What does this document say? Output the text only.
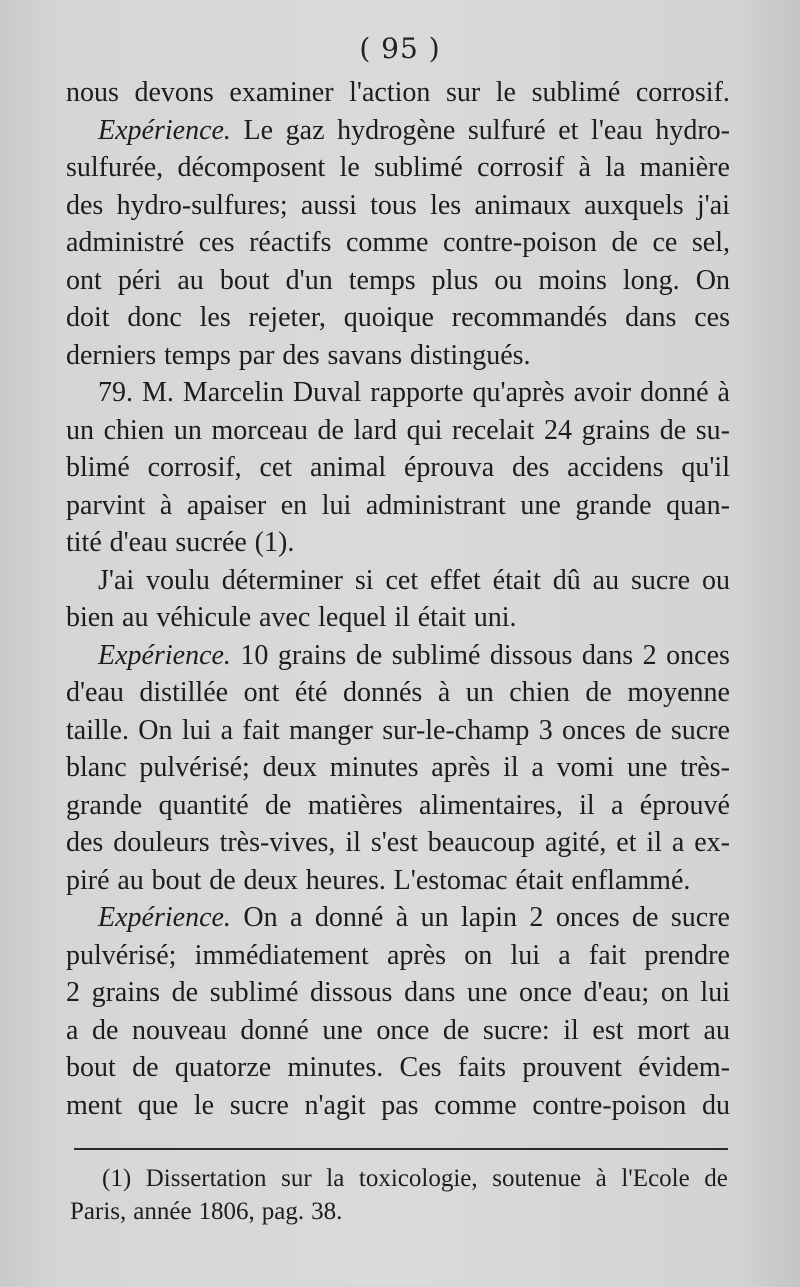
( 95 )
nous devons examiner l'action sur le sublimé corrosif.
Expérience. Le gaz hydrogène sulfuré et l'eau hydro-
sulfurée, décomposent le sublimé corrosif à la manière
des hydro-sulfures; aussi tous les animaux auxquels j'ai
administré ces réactifs comme contre-poison de ce sel,
ont péri au bout d'un temps plus ou moins long. On
doit donc les rejeter, quoique recommandés dans ces
derniers temps par des savans distingués.
79. M. Marcelin Duval rapporte qu'après avoir donné à
un chien un morceau de lard qui recelait 24 grains de su-
blimé corrosif, cet animal éprouva des accidens qu'il
parvint à apaiser en lui administrant une grande quan-
tité d'eau sucrée (1).
J'ai voulu déterminer si cet effet était dû au sucre ou
bien au véhicule avec lequel il était uni.
Expérience. 10 grains de sublimé dissous dans 2 onces
d'eau distillée ont été donnés à un chien de moyenne
taille. On lui a fait manger sur-le-champ 3 onces de sucre
blanc pulvérisé; deux minutes après il a vomi une très-
grande quantité de matières alimentaires, il a éprouvé
des douleurs très-vives, il s'est beaucoup agité, et il a ex-
piré au bout de deux heures. L'estomac était enflammé.
Expérience. On a donné à un lapin 2 onces de sucre
pulvérisé; immédiatement après on lui a fait prendre
2 grains de sublimé dissous dans une once d'eau; on lui
a de nouveau donné une once de sucre: il est mort au
bout de quatorze minutes. Ces faits prouvent évidem-
ment que le sucre n'agit pas comme contre-poison du
(1) Dissertation sur la toxicologie, soutenue à l'Ecole de
Paris, année 1806, pag. 38.
